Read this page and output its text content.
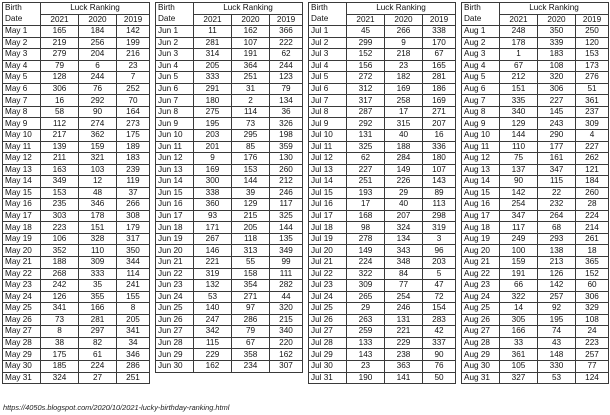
Birth	Luck Ranking		
Date	2021	2020	2019
May 1	165	184	142
May 2	219	256	199
May 3	279	204	216
May 4	79	6	23
May 5	128	244	7
May 6	306	76	252
May 7	16	292	70
May 8	58	90	164
May 9	112	274	273
May 10	217	362	175
May 11	139	159	189
May 12	211	321	183
May 13	163	103	239
May 14	349	12	119
May 15	153	48	37
May 16	235	346	266
May 17	303	178	308
May 18	223	151	179
May 19	106	328	317
May 20	352	110	350
May 21	188	309	344
May 22	268	333	114
May 23	242	35	241
May 24	126	355	155
May 25	341	166	8
May 26	73	281	205
May 27	8	297	341
May 28	38	82	34
May 29	175	61	346
May 30	185	224	286
May 31	324	27	251
Birth	Luck Ranking		
Date	2021	2020	2019
Jun 1	11	162	366
Jun 2	281	107	222
Jun 3	314	191	62
Jun 4	205	364	244
Jun 5	333	251	123
Jun 6	291	31	79
Jun 7	180	2	134
Jun 8	275	114	36
Jun 9	195	73	326
Jun 10	203	295	198
Jun 11	201	85	359
Jun 12	9	176	130
Jun 13	169	153	260
Jun 14	300	144	212
Jun 15	338	39	246
Jun 16	360	129	117
Jun 17	93	215	325
Jun 18	171	205	144
Jun 19	267	118	135
Jun 20	146	313	349
Jun 21	221	55	99
Jun 22	319	158	111
Jun 23	132	354	282
Jun 24	53	271	44
Jun 25	140	97	320
Jun 26	247	286	215
Jun 27	342	79	340
Jun 28	115	67	220
Jun 29	229	358	162
Jun 30	162	234	307
Birth	Luck Ranking		
Date	2021	2020	2019
Jul 1	45	266	338
Jul 2	299	9	170
Jul 3	152	218	67
Jul 4	156	23	165
Jul 5	272	182	281
Jul 6	312	169	186
Jul 7	317	258	169
Jul 8	287	17	271
Jul 9	292	315	207
Jul 10	131	40	16
Jul 11	325	188	336
Jul 12	62	284	180
Jul 13	227	149	107
Jul 14	251	226	143
Jul 15	193	29	89
Jul 16	17	40	113
Jul 17	168	207	298
Jul 18	98	324	319
Jul 19	278	134	3
Jul 20	149	343	96
Jul 21	224	348	203
Jul 22	322	84	5
Jul 23	309	77	47
Jul 24	265	254	72
Jul 25	29	246	154
Jul 26	263	131	283
Jul 27	259	221	42
Jul 28	133	229	337
Jul 29	143	238	90
Jul 30	23	363	76
Jul 31	190	141	50
Birth	Luck Ranking		
Date	2021	2020	2019
Aug 1	248	350	250
Aug 2	178	339	120
Aug 3	1	183	153
Aug 4	67	108	173
Aug 5	212	320	276
Aug 6	151	306	51
Aug 7	335	227	361
Aug 8	340	145	237
Aug 9	129	243	309
Aug 10	144	290	4
Aug 11	110	177	227
Aug 12	75	161	262
Aug 13	137	347	121
Aug 14	90	115	184
Aug 15	142	22	260
Aug 16	254	232	28
Aug 17	347	264	224
Aug 18	117	68	214
Aug 19	249	293	261
Aug 20	100	138	18
Aug 21	159	213	365
Aug 22	191	126	152
Aug 23	66	142	60
Aug 24	322	257	306
Aug 25	14	92	329
Aug 26	305	195	108
Aug 27	166	74	24
Aug 28	33	43	223
Aug 29	361	148	257
Aug 30	105	330	77
Aug 31	327	53	124
https://4050s.blogspot.com/2020/10/2021-lucky-birthday-ranking.html
